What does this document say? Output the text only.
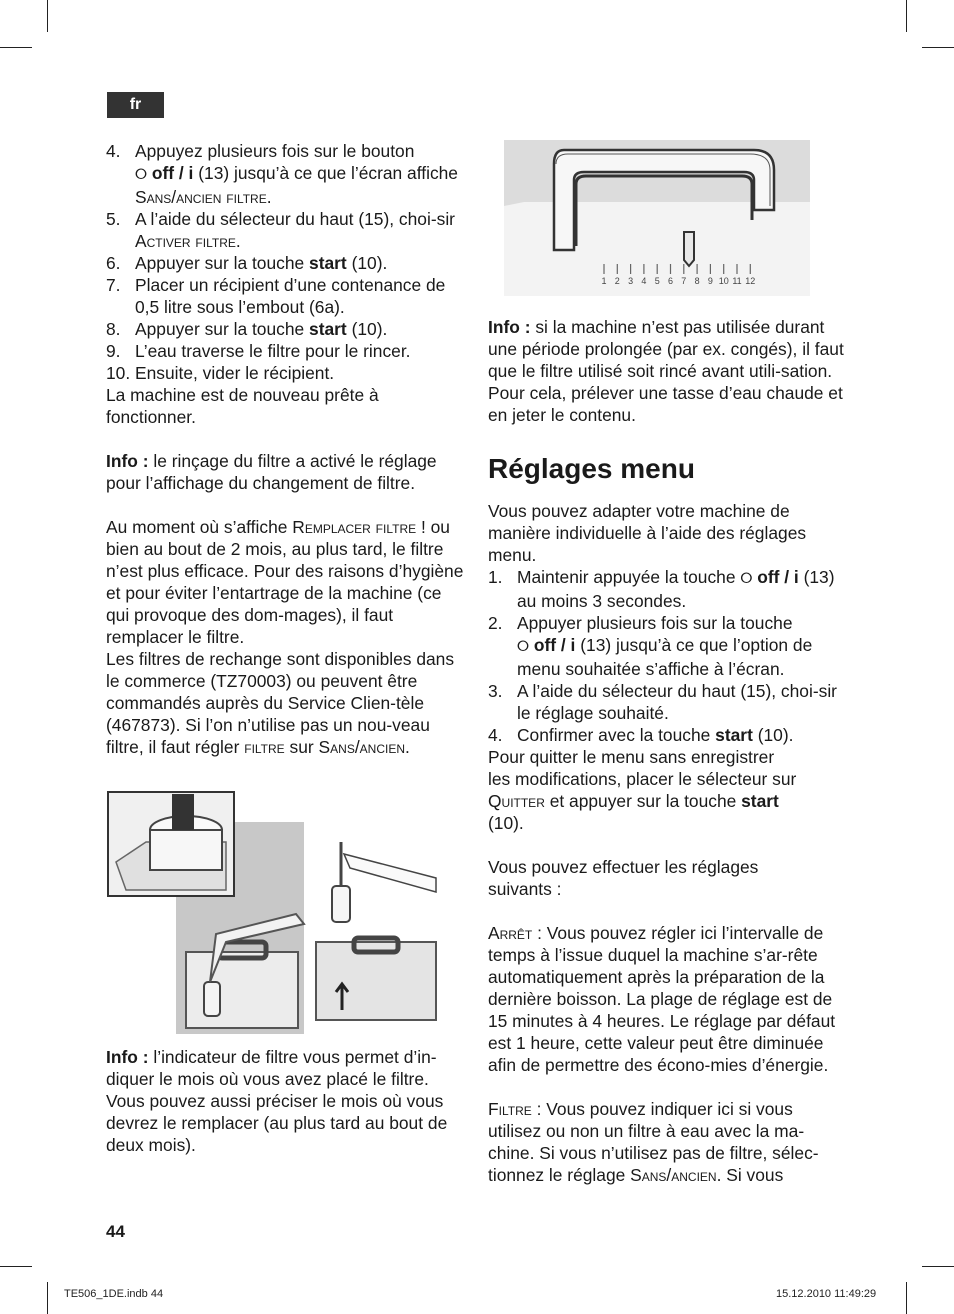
fr
4. Appuyez plusieurs fois sur le bouton
⭘ off / i (13) jusqu’à ce que l’écran affiche Sans/ancien filtre.
5. A l’aide du sélecteur du haut (15), choi-sir Activer filtre.
6. Appuyer sur la touche start (10).
7. Placer un récipient d’une contenance de 0,5 litre sous l’embout (6a).
8. Appuyer sur la touche start (10).
9. L’eau traverse le filtre pour le rincer.
10. Ensuite, vider le récipient.

La machine est de nouveau prête à fonctionner.

Info : le rinçage du filtre a activé le réglage pour l’affichage du changement de filtre.

Au moment où s’affiche Remplacer filtre ! ou bien au bout de 2 mois, au plus tard, le filtre n’est plus efficace. Pour des raisons d’hygiène et pour éviter l’entartrage de la machine (ce qui provoque des dom-mages), il faut remplacer le filtre.

Les filtres de rechange sont disponibles dans le commerce (TZ70003) ou peuvent être commandés auprès du Service Clien-tèle (467873). Si l’on n’utilise pas un nou-veau filtre, il faut régler filtre sur Sans/ancien.

Info : l’indicateur de filtre vous permet d’in-diquer le mois où vous avez placé le filtre. Vous pouvez aussi préciser le mois où vous devrez le remplacer (au plus tard au bout de deux mois).

1 2 3 4 5 6 7 8 9 10 11 12

Info : si la machine n’est pas utilisée durant une période prolongée (par ex. congés), il faut que le filtre utilisé soit rincé avant utili-sation. Pour cela, prélever une tasse d’eau chaude et en jeter le contenu.

Réglages menu

Vous pouvez adapter votre machine de manière individuelle à l’aide des réglages menu.

1. Maintenir appuyée la touche ⭘ off / i (13) au moins 3 secondes.
2. Appuyer plusieurs fois sur la touche
⭘ off / i (13) jusqu’à ce que l’option de menu souhaitée s’affiche à l’écran.
3. A l’aide du sélecteur du haut (15), choi-sir le réglage souhaité.
4. Confirmer avec la touche start (10).

Pour quitter le menu sans enregistrer les modifications, placer le sélecteur sur Quitter et appuyer sur la touche start (10).

Vous pouvez effectuer les réglages suivants :

Arrêt : Vous pouvez régler ici l’intervalle de temps à l’issue duquel la machine s’ar-rête automatiquement après la préparation de la dernière boisson. La plage de réglage est de 15 minutes à 4 heures. Le réglage par défaut est 1 heure, cette valeur peut être diminuée afin de permettre des écono-mies d’énergie.

Filtre : Vous pouvez indiquer ici si vous utilisez ou non un filtre à eau avec la ma-chine. Si vous n’utilisez pas de filtre, sélec-tionnez le réglage Sans/ancien. Si vous

44
TE506_1DE.indb 44	15.12.2010 11:49:29
